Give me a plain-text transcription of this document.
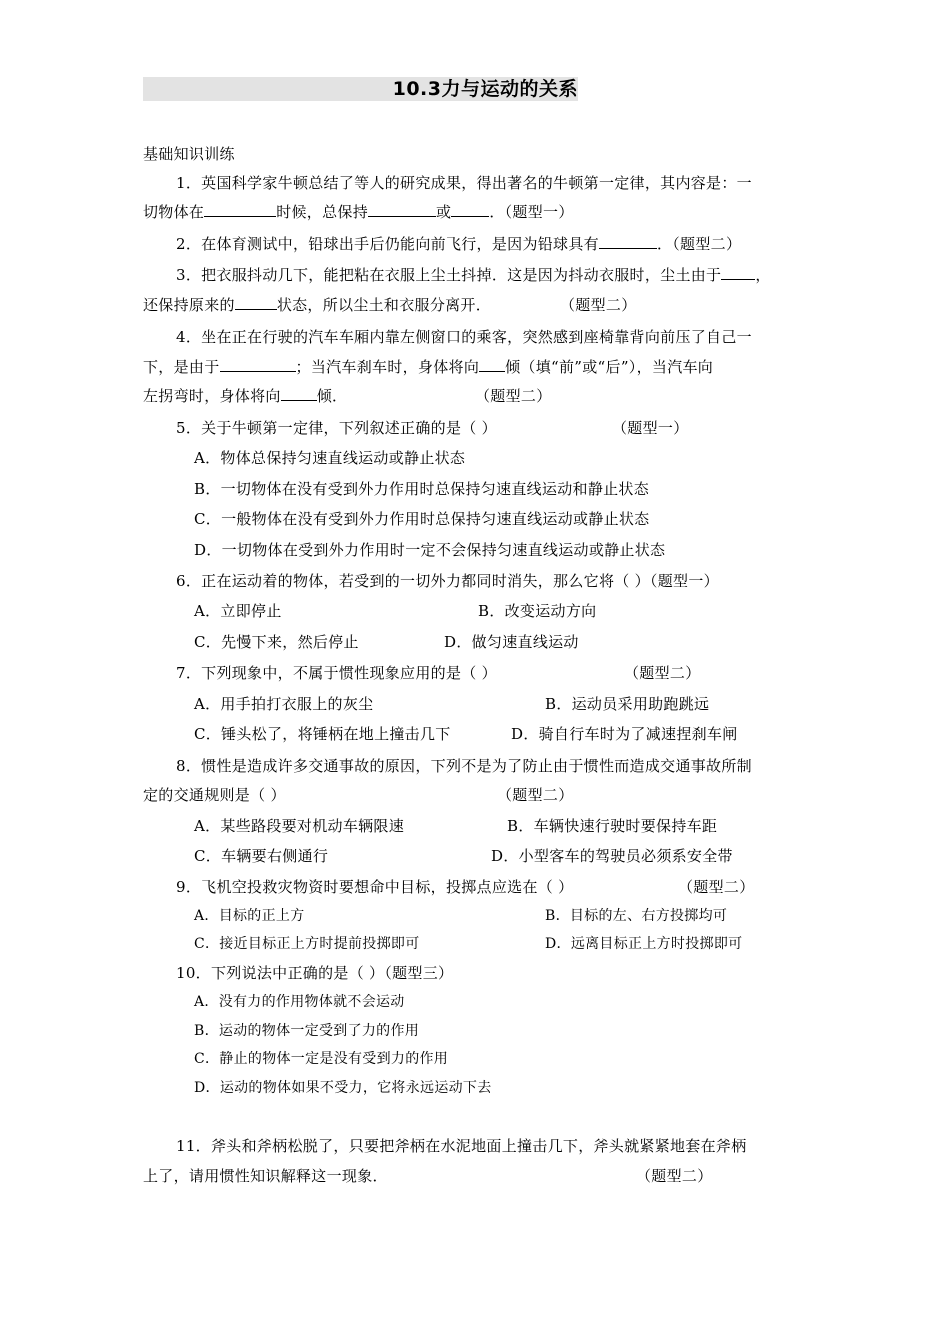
10.3力与运动的关系
基础知识训练
1．英国科学家牛顿总结了等人的研究成果，得出著名的牛顿第一定律，其内容是：一
切物体在	时候，总保持	或	．（题型一）
2．在体育测试中，铅球出手后仍能向前飞行，是因为铅球具有	．（题型二）
3．把衣服抖动几下，能把粘在衣服上尘土抖掉．这是因为抖动衣服时，尘土由于 ，
还保持原来的	状态，所以尘土和衣服分离开．	（题型二）
4．坐在正在行驶的汽车车厢内靠左侧窗口的乘客，突然感到座椅靠背向前压了自己一
下，是由于	；当汽车刹车时，身体将向 倾（填“前”或“后”），当汽车向
左拐弯时，身体将向 倾．	（题型二）
5．关于牛顿第一定律，下列叙述正确的是（ ）	（题型一）
A．物体总保持匀速直线运动或静止状态
B．一切物体在没有受到外力作用时总保持匀速直线运动和静止状态
C．一般物体在没有受到外力作用时总保持匀速直线运动或静止状态
D．一切物体在受到外力作用时一定不会保持匀速直线运动或静止状态
6．正在运动着的物体，若受到的一切外力都同时消失，那么它将（ ）（题型一）
A．立即停止	B．改变运动方向
C．先慢下来，然后停止	D．做匀速直线运动
7．下列现象中，不属于惯性现象应用的是（ ）	（题型二）
A．用手拍打衣服上的灰尘	B．运动员采用助跑跳远
C．锤头松了，将锤柄在地上撞击几下	D．骑自行车时为了减速捏刹车闸
8．惯性是造成许多交通事故的原因，下列不是为了防止由于惯性而造成交通事故所制
定的交通规则是（ ）	（题型二）
A．某些路段要对机动车辆限速	B．车辆快速行驶时要保持车距
C．车辆要右侧通行	D．小型客车的驾驶员必须系安全带
9．飞机空投救灾物资时要想命中目标，投掷点应选在（ ）	（题型二）
A．目标的正上方	B．目标的左、右方投掷均可
C．接近目标正上方时提前投掷即可	D．远离目标正上方时投掷即可
10．下列说法中正确的是（ ）（题型三）
A．没有力的作用物体就不会运动
B．运动的物体一定受到了力的作用
C．静止的物体一定是没有受到力的作用
D．运动的物体如果不受力，它将永远运动下去
11．斧头和斧柄松脱了，只要把斧柄在水泥地面上撞击几下，斧头就紧紧地套在斧柄
上了，请用惯性知识解释这一现象．	（题型二）
